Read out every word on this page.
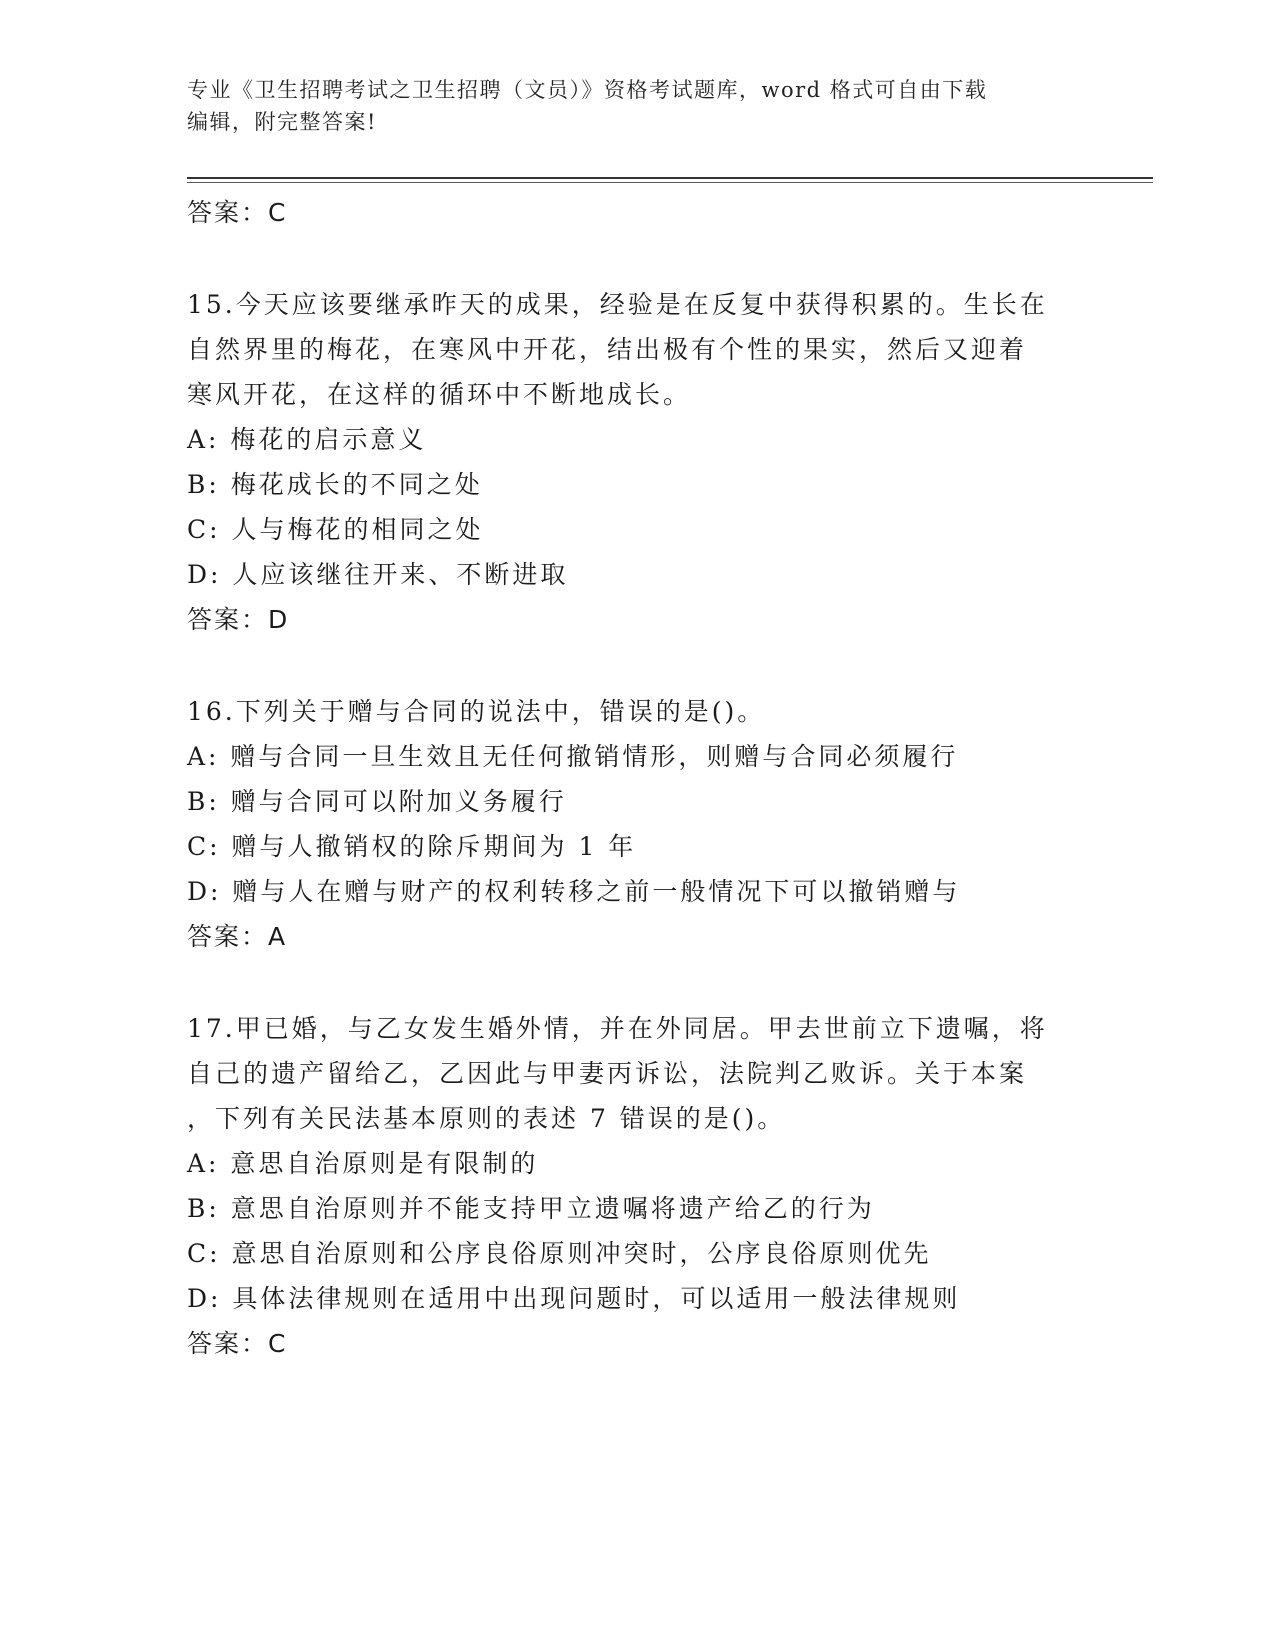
专业《卫生招聘考试之卫生招聘（文员）》资格考试题库，word 格式可自由下载
编辑，附完整答案!
答案：C
15.今天应该要继承昨天的成果，经验是在反复中获得积累的。生长在
自然界里的梅花，在寒风中开花，结出极有个性的果实，然后又迎着
寒风开花，在这样的循环中不断地成长。
A: 梅花的启示意义
B: 梅花成长的不同之处
C: 人与梅花的相同之处
D: 人应该继往开来、不断进取
答案：D
16.下列关于赠与合同的说法中，错误的是()。
A: 赠与合同一旦生效且无任何撤销情形，则赠与合同必须履行
B: 赠与合同可以附加义务履行
C: 赠与人撤销权的除斥期间为 1 年
D: 赠与人在赠与财产的权利转移之前一般情况下可以撤销赠与
答案：A
17.甲已婚，与乙女发生婚外情，并在外同居。甲去世前立下遗嘱，将
自己的遗产留给乙，乙因此与甲妻丙诉讼，法院判乙败诉。关于本案
，下列有关民法基本原则的表述 7 错误的是()。
A: 意思自治原则是有限制的
B: 意思自治原则并不能支持甲立遗嘱将遗产给乙的行为
C: 意思自治原则和公序良俗原则冲突时，公序良俗原则优先
D: 具体法律规则在适用中出现问题时，可以适用一般法律规则
答案：C
